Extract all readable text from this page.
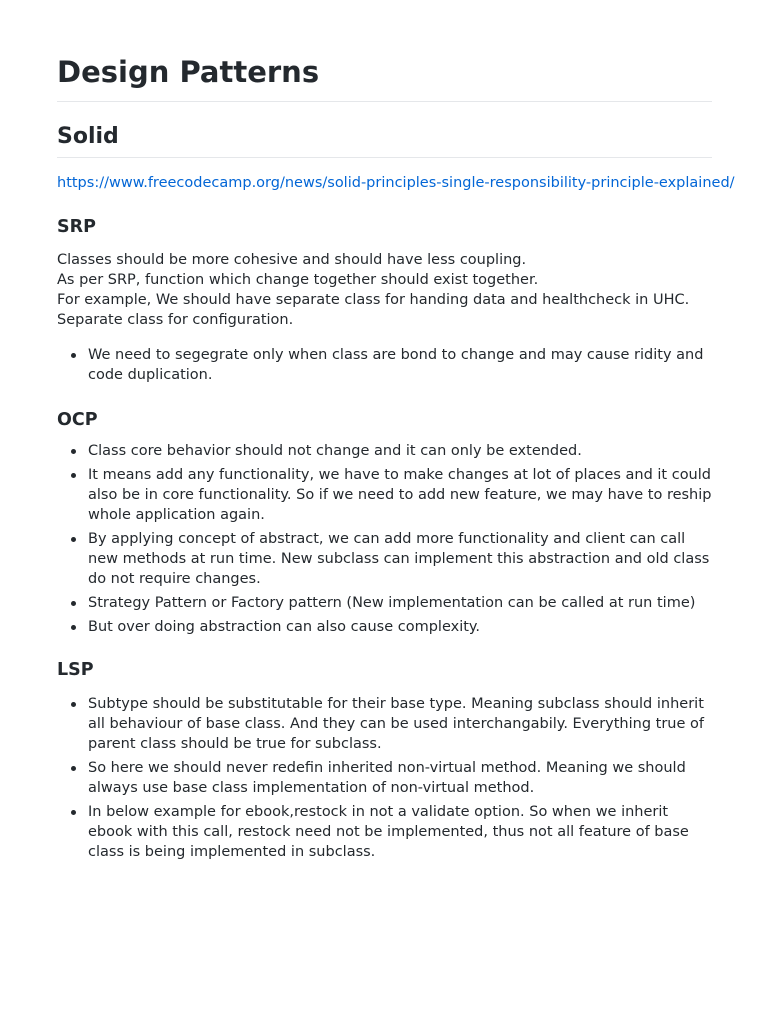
Design Patterns
Solid
https://www.freecodecamp.org/news/solid-principles-single-responsibility-principle-explained/
SRP

Classes should be more cohesive and should have less coupling.
As per SRP, function which change together should exist together.
For example, We should have separate class for handing data and healthcheck in UHC. Separate class for configuration.

We need to segegrate only when class are bond to change and may cause ridity and code duplication.
OCP
Class core behavior should not change and it can only be extended.
It means add any functionality, we have to make changes at lot of places and it could also be in core functionality. So if we need to add new feature, we may have to reship whole application again.
By applying concept of abstract, we can add more functionality and client can call new methods at run time. New subclass can implement this abstraction and old class do not require changes.
Strategy Pattern or Factory pattern (New implementation can be called at run time)
But over doing abstraction can also cause complexity.
LSP
Subtype should be substitutable for their base type. Meaning subclass should inherit all behaviour of base class. And they can be used interchangabily. Everything true of parent class should be true for subclass.
So here we should never redefin inherited non-virtual method. Meaning we should always use base class implementation of non-virtual method.
In below example for ebook,restock in not a validate option. So when we inherit ebook with this call, restock need not be implemented, thus not all feature of base class is being implemented in subclass.
